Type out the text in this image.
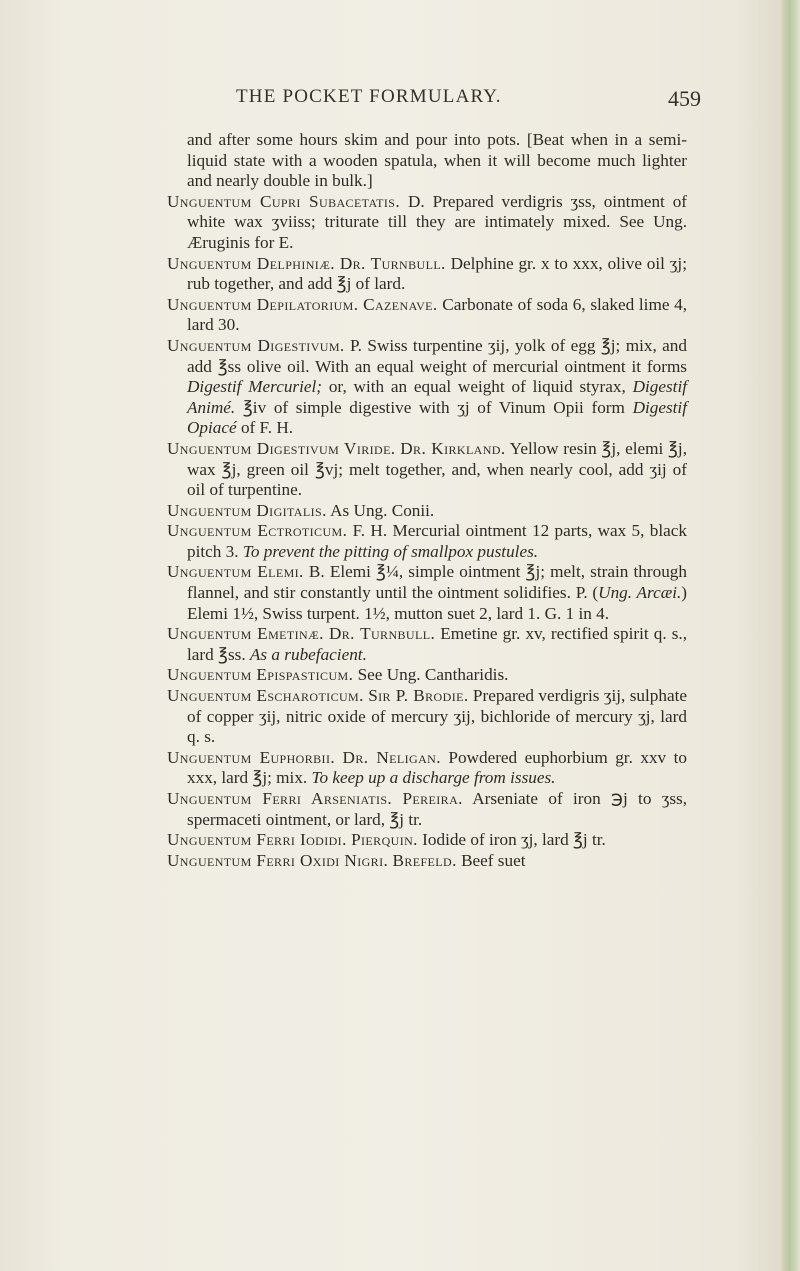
THE POCKET FORMULARY.	459

and after some hours skim and pour into pots. [Beat when in a semi-liquid state with a wooden spatula, when it will become much lighter and nearly double in bulk.]

Unguentum Cupri Subacetatis. D. Prepared verdigris ʒss, ointment of white wax ʒviiss; triturate till they are intimately mixed. See Ung. Æruginis for E.

Unguentum Delphiniæ. Dr. Turnbull. Delphine gr. x to xxx, olive oil ʒj; rub together, and add ℥j of lard.

Unguentum Depilatorium. Cazenave. Carbonate of soda 6, slaked lime 4, lard 30.

Unguentum Digestivum. P. Swiss turpentine ʒij, yolk of egg ℥j; mix, and add ℥ss olive oil. With an equal weight of mercurial ointment it forms Digestif Mercuriel; or, with an equal weight of liquid styrax, Digestif Animé. ℥iv of simple digestive with ʒj of Vinum Opii form Digestif Opiacé of F. H.

Unguentum Digestivum Viride. Dr. Kirkland. Yellow resin ℥j, elemi ℥j, wax ℥j, green oil ℥vj; melt together, and, when nearly cool, add ʒij of oil of turpentine.

Unguentum Digitalis. As Ung. Conii.

Unguentum Ectroticum. F. H. Mercurial ointment 12 parts, wax 5, black pitch 3. To prevent the pitting of smallpox pustules.

Unguentum Elemi. B. Elemi ℥¼, simple ointment ℥j; melt, strain through flannel, and stir constantly until the ointment solidifies. P. (Ung. Arcæi.) Elemi 1½, Swiss turpent. 1½, mutton suet 2, lard 1. G. 1 in 4.

Unguentum Emetinæ. Dr. Turnbull. Emetine gr. xv, rectified spirit q. s., lard ℥ss. As a rubefacient.

Unguentum Epispasticum. See Ung. Cantharidis.

Unguentum Escharoticum. Sir P. Brodie. Prepared verdigris ʒij, sulphate of copper ʒij, nitric oxide of mercury ʒij, bichloride of mercury ʒj, lard q. s.

Unguentum Euphorbii. Dr. Neligan. Powdered euphorbium gr. xxv to xxx, lard ℥j; mix. To keep up a discharge from issues.

Unguentum Ferri Arseniatis. Pereira. Arseniate of iron ℈j to ʒss, spermaceti ointment, or lard, ℥j tr.

Unguentum Ferri Iodidi. Pierquin. Iodide of iron ʒj, lard ℥j tr.

Unguentum Ferri Oxidi Nigri. Brefeld. Beef suet
